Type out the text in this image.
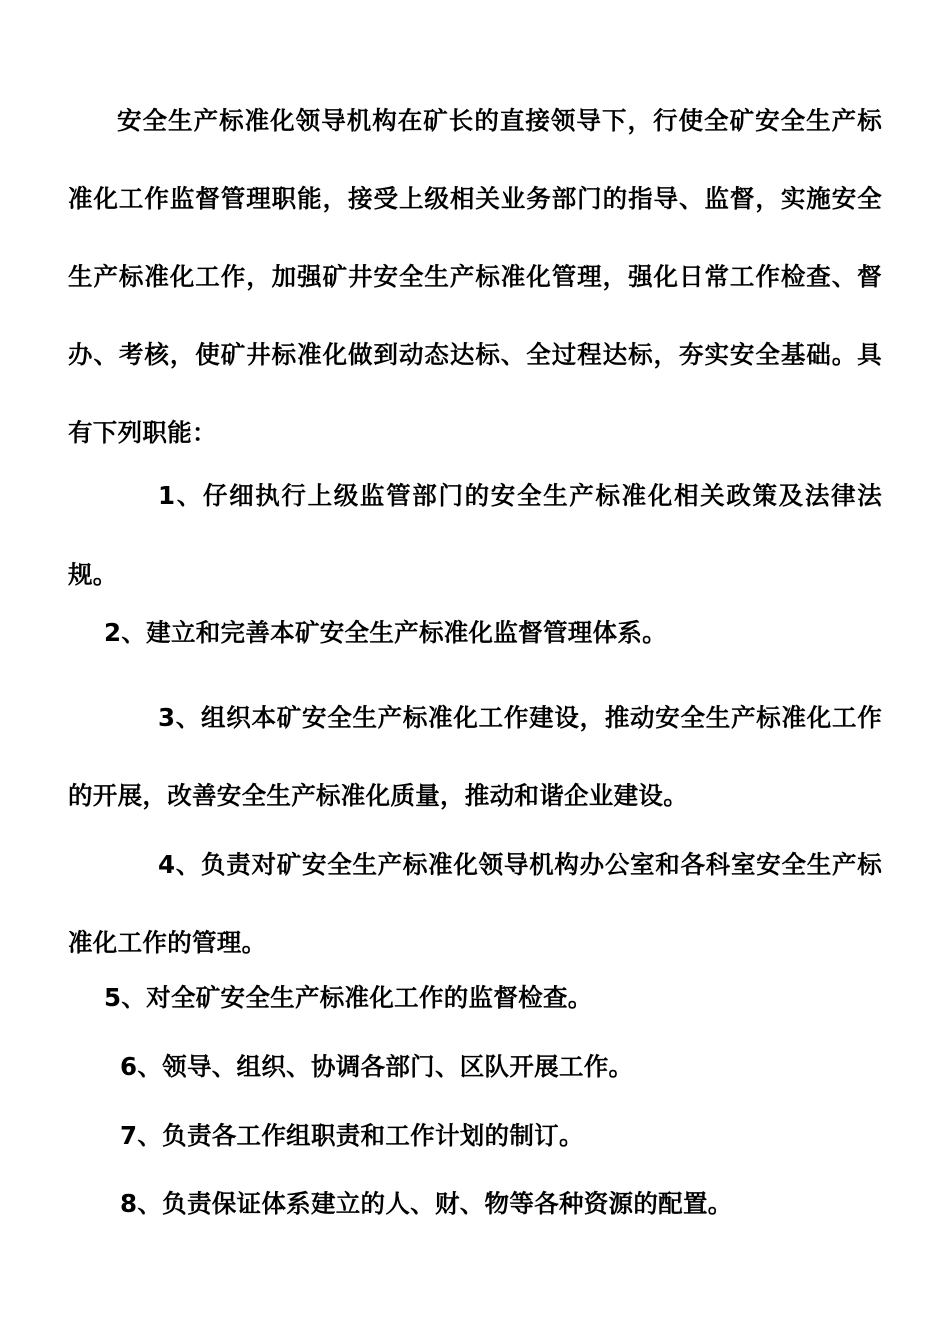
安全生产标准化领导机构在矿长的直接领导下，行使全矿安全生产标准化工作监督管理职能，接受上级相关业务部门的指导、监督，实施安全生产标准化工作，加强矿井安全生产标准化管理，强化日常工作检查、督办、考核，使矿井标准化做到动态达标、全过程达标，夯实安全基础。具有下列职能：

1、仔细执行上级监管部门的安全生产标准化相关政策及法律法规。

2、建立和完善本矿安全生产标准化监督管理体系。

3、组织本矿安全生产标准化工作建设，推动安全生产标准化工作的开展，改善安全生产标准化质量，推动和谐企业建设。

4、负责对矿安全生产标准化领导机构办公室和各科室安全生产标准化工作的管理。

5、对全矿安全生产标准化工作的监督检查。

6、领导、组织、协调各部门、区队开展工作。

7、负责各工作组职责和工作计划的制订。

8、负责保证体系建立的人、财、物等各种资源的配置。
